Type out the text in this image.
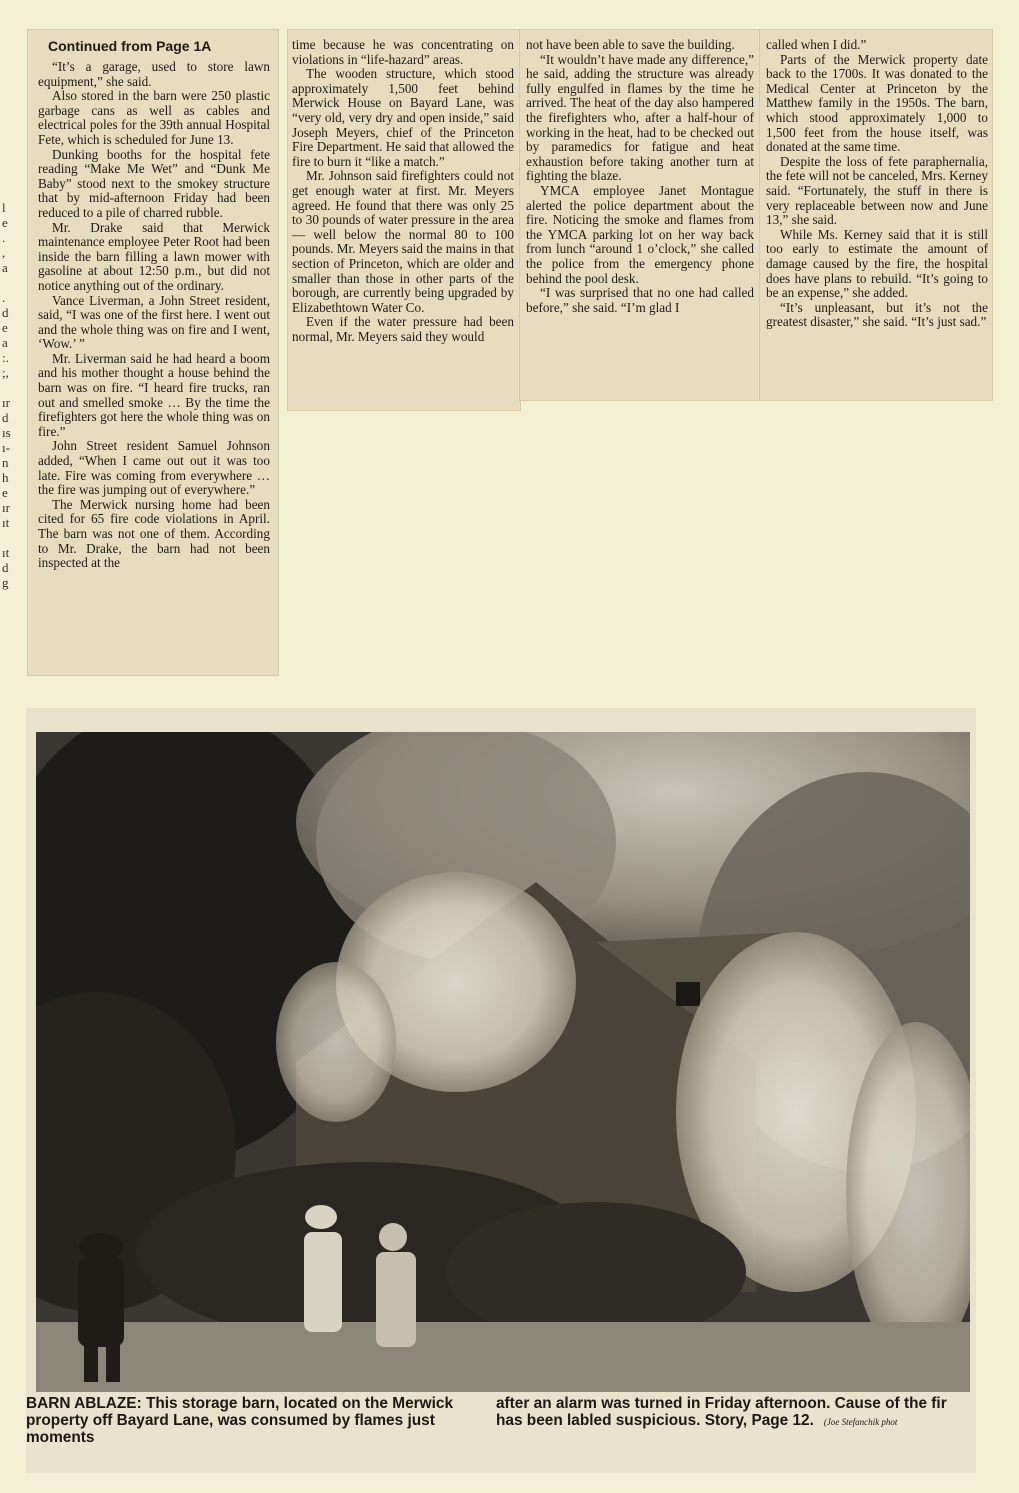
Continued from Page 1A

“It’s a garage, used to store lawn equipment,” she said.

Also stored in the barn were 250 plastic garbage cans as well as cables and electrical poles for the 39th annual Hospital Fete, which is scheduled for June 13.

Dunking booths for the hospital fete reading “Make Me Wet” and “Dunk Me Baby” stood next to the smokey structure that by mid-afternoon Friday had been reduced to a pile of charred rubble.

Mr. Drake said that Merwick maintenance employee Peter Root had been inside the barn filling a lawn mower with gasoline at about 12:50 p.m., but did not notice anything out of the ordinary.

Vance Liverman, a John Street resident, said, “I was one of the first here. I went out and the whole thing was on fire and I went, ‘Wow.’ ”

Mr. Liverman said he had heard a boom and his mother thought a house behind the barn was on fire. “I heard fire trucks, ran out and smelled smoke … By the time the firefighters got here the whole thing was on fire.”

John Street resident Samuel Johnson added, “When I came out out it was too late. Fire was coming from everywhere … the fire was jumping out of everywhere.”

The Merwick nursing home had been cited for 65 fire code violations in April. The barn was not one of them. According to Mr. Drake, the barn had not been inspected at the

time because he was concentrating on violations in “life-hazard” areas.

The wooden structure, which stood approximately 1,500 feet behind Merwick House on Bayard Lane, was “very old, very dry and open inside,” said Joseph Meyers, chief of the Princeton Fire Department. He said that allowed the fire to burn it “like a match.”

Mr. Johnson said firefighters could not get enough water at first. Mr. Meyers agreed. He found that there was only 25 to 30 pounds of water pressure in the area — well below the normal 80 to 100 pounds. Mr. Meyers said the mains in that section of Princeton, which are older and smaller than those in other parts of the borough, are currently being upgraded by Elizabethtown Water Co.

Even if the water pressure had been normal, Mr. Meyers said they would

not have been able to save the building.

“It wouldn’t have made any difference,” he said, adding the structure was already fully engulfed in flames by the time he arrived. The heat of the day also hampered the firefighters who, after a half-hour of working in the heat, had to be checked out by paramedics for fatigue and heat exhaustion before taking another turn at fighting the blaze.

YMCA employee Janet Montague alerted the police department about the fire. Noticing the smoke and flames from the YMCA parking lot on her way back from lunch “around 1 o’clock,” she called the police from the emergency phone behind the pool desk.

“I was surprised that no one had called before,” she said. “I’m glad I

called when I did.”

Parts of the Merwick property date back to the 1700s. It was donated to the Medical Center at Princeton by the Matthew family in the 1950s. The barn, which stood approximately 1,000 to 1,500 feet from the house itself, was donated at the same time.

Despite the loss of fete paraphernalia, the fete will not be canceled, Mrs. Kerney said. “Fortunately, the stuff in there is very replaceable between now and June 13,” she said.

While Ms. Kerney said that it is still too early to estimate the amount of damage caused by the fire, the hospital does have plans to rebuild. “It’s going to be an expense,” she added.

“It’s unpleasant, but it’s not the greatest disaster,” she said. “It’s just sad.”

l
e
.
,
a
.
d
e
a
:.
;,
ır
d
ıs
ı-
n
h
e
ır
ıt
ıt
d
g
BARN ABLAZE: This storage barn, located on the Merwick property off Bayard Lane, was consumed by flames just moments
after an alarm was turned in Friday afternoon. Cause of the fir has been labled suspicious. Story, Page 12. (Joe Stefanchik phot
